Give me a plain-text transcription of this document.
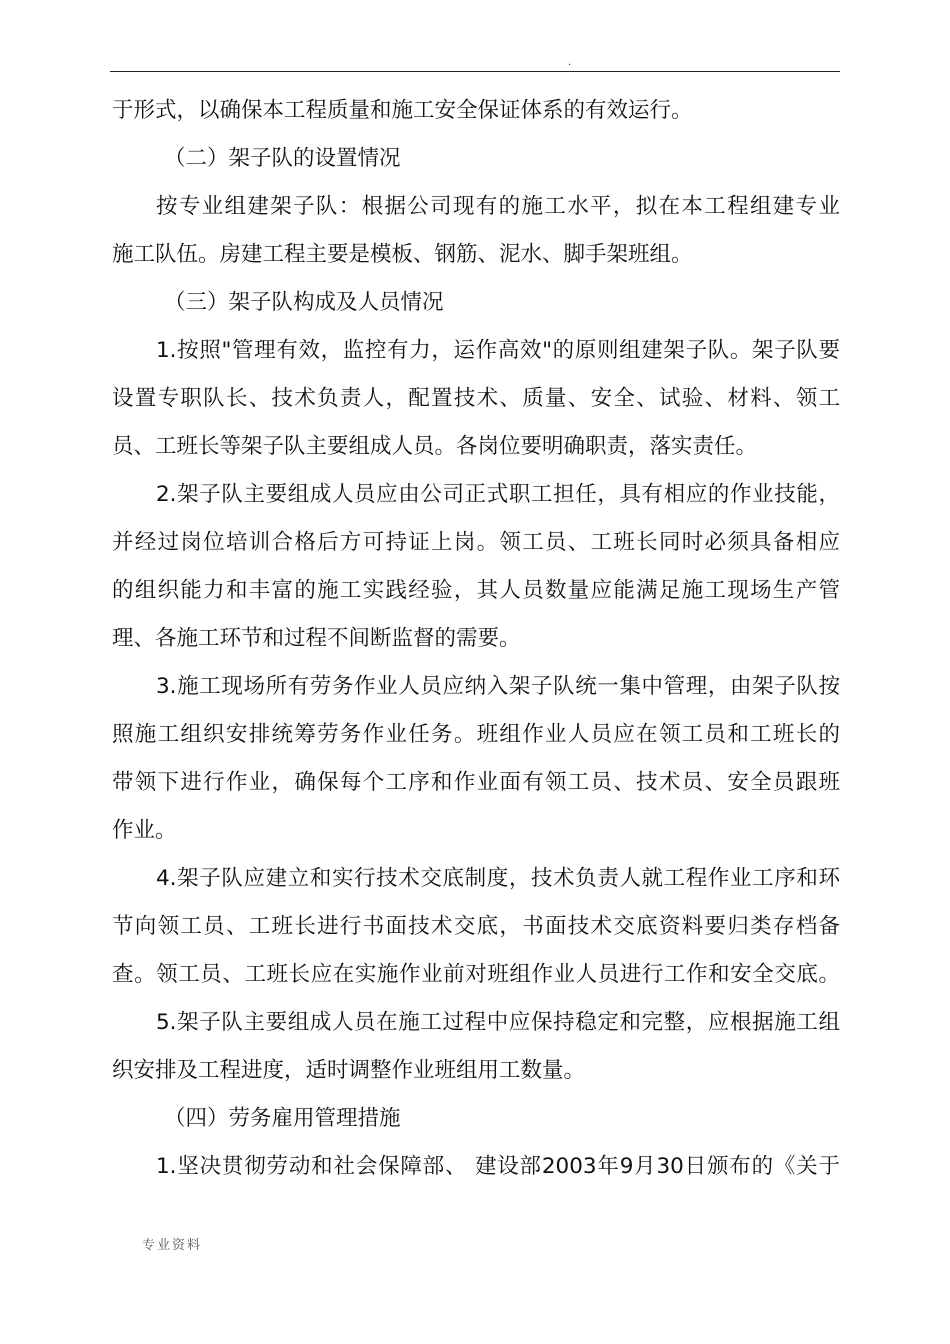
.
于形式，以确保本工程质量和施工安全保证体系的有效运行。
（二）架子队的设置情况
按专业组建架子队：根据公司现有的施工水平，拟在本工程组建专业
施工队伍。房建工程主要是模板、钢筋、泥水、脚手架班组。
（三）架子队构成及人员情况
1.按照"管理有效，监控有力，运作高效"的原则组建架子队。架子队要
设置专职队长、技术负责人，配置技术、质量、安全、试验、材料、领工
员、工班长等架子队主要组成人员。各岗位要明确职责，落实责任。
2.架子队主要组成人员应由公司正式职工担任，具有相应的作业技能，
并经过岗位培训合格后方可持证上岗。领工员、工班长同时必须具备相应
的组织能力和丰富的施工实践经验，其人员数量应能满足施工现场生产管
理、各施工环节和过程不间断监督的需要。
3.施工现场所有劳务作业人员应纳入架子队统一集中管理，由架子队按
照施工组织安排统筹劳务作业任务。班组作业人员应在领工员和工班长的
带领下进行作业，确保每个工序和作业面有领工员、技术员、安全员跟班
作业。
4.架子队应建立和实行技术交底制度，技术负责人就工程作业工序和环
节向领工员、工班长进行书面技术交底，书面技术交底资料要归类存档备
查。领工员、工班长应在实施作业前对班组作业人员进行工作和安全交底。
5.架子队主要组成人员在施工过程中应保持稳定和完整，应根据施工组
织安排及工程进度，适时调整作业班组用工数量。
（四）劳务雇用管理措施
1.坚决贯彻劳动和社会保障部、 建设部2003年9月30日颁布的《关于
专业资料
